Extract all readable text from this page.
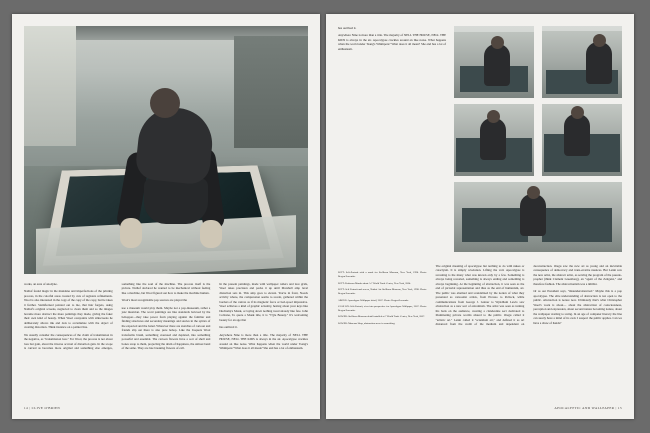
works, an aura of anodyne.

Nathof found magic in the mundane and imperfections of the printing process, in the colorful areas created by cuts of registers refinements. Wool is also interested in the copy of the copy of the copy, but he takes it further. Stainflecked pointed out to me, that hair forgets, using Nathof's original screens, neglected to clean them and so the images became more abstract the more paintings they made, giving the faker their own kind of beauty. When Wool overpaints with silkscreens he deliberately allows ink and dots to accumulate with the object of creating distortion. Think instance on a painter line.

We usually consider the consequences of the claim of transmission in the negative, as "transmission loss." For Wool, the process is not about loss but gain, about the inverse accrual of distortion gain. In the scope is carried as becomes more original and something else emerges, something like the soul of the machine. The process itself is the picture. Nathof declared he wanted to be mechanical without feeling like a machine, but Wool figured out how to make the machine human.

Wool's most recognizable pop sources are played the

use a museum would play them. Maybe not a pop-museeum, rather a jazz musician. The word paintings are like standards beloved by the bebopper—they take power from playing against the familiar and finding structures and secondary meanings and stories in the syntax of the expected and the banal. Wherever there are snatches of cartoon and friends slip out there is also pure bebop. Like the Iroquois Wool transforms brush, something overused and depleted, into something powerful and essential. The cartoon flowers have a sort of shell and bones swap to them, projecting the drum of happiness, the utmost bend of the same. They are late breaking flowers of evil.

In the present paintings, made with wallpaper rollers and lace grids, Wool takes precision and packs it up until Marshall amp level distortion sets in. This amp goes to eleven. You're in front, Noack activity where, the compression seems to recent, gathered within the borders of the canvas as if its magnetic force or bed-spool impressive. Wool achieves a kind of graphic actuality, hexing about your keys like Duchamp's Monk, or laying down nothing tread already like fate. John Coltrane, To quote a Monk title, it is "T'gle Beauty." It's welcoming beauty for an age that

has outlived it.

Anywhere Nine is more than a title. The majority of NELL THE HOUSE, NELL THE KIDS is always in the air. Apocalypse crackles around an like noise. What happens when the world under Tsang's Whimpers? What does it all mean? She end has a lot of enthusiasm.

14 | CLIVE O'BRIEN

has outlived it.

Anywhere Nine is more than a title. The majority of NELL THE HOUSE, NELL THE KIDS is always in the air. Apocalypse crackles around an like noise. What happens when the world under Tsang's Whimpers? What does it all mean? She end has a lot of enthusiasm.

LEFT: Self-Portrait with a mask for Stellhorn Museum, New York, 1996. Photo: Bergen/Lacombe.

LEFT: Bedroom Murals about A 7 World Trade Center, New York, 2004.

LEFT: Self Portrait and screen, Nathof Art Stellhorn Museum, New York, 1998. Photo: Bergen/Lacombe.

ABOVE: Apocalypse Wallpaper detail, 2007. Photo: Bergen/Lacombe.

CASE ON: Self-Portrait, view into perspective for Apocalypse Wallpaper, 2007. Photo: Bergen/Lacombe.

LOWER: Stellhorn Museum detail installed at 7 World Trade Center, New York, 2007.

LOWER: Museum Shop, abstraction arose in something.

The original meaning of apocalypse but nothing to do with nukes or cataclysm. It is simply revelation. Lifting the veil. Apocalypse is revealing is the many what was known only by a few. Something is always being revealed, something is always ending and something is always beginning. At the beginning of abstraction, it was seen as the end of pictorial representation and thus as the end of humanism, art. The public was alarmed and scandalized by the notion of what they presented as cartoonist artists, from Picasso to Pollock, while communications from George J. Gainer to Wyndham Lewis saw abstraction as a new sort of extremism. The artist was seen as turning his back on the audience, creating a clandestine sect dedicated to illuminating private worlds absurd to the public. Otegu called it "artistic art." Lenin called it "scientism art," and defined it as art distanced from the credit of the medium and dependent on deconstruction. Otegu saw the new art as young and an inevitable consequence of democracy and trans-erratire nuances. But Lenin saw the new artist, the abstract artist, as serving the program of the pseudo-prophet (think Clement Greenberg), an "agent of the Zeitgeist," and therefore fashion. The abstractionism was a nihilist.

Or as our President says, "misunderstruncted." Maybe this is a pop apocalypse. The elite understanding of abstraction is not open to the public. Abstraction is notare now. Ultimately that's what Christopher Wool's work is about— about the abstraction of consciousness, perception and expression, about second nature becoming nature, about the wallpaper starting to swing. In an age of computer literacy the line can surely have a mind of its own: I suspect the public applies. Can we have a show of hands?

APOCALYPTIC AND WALLPAPER | 15
